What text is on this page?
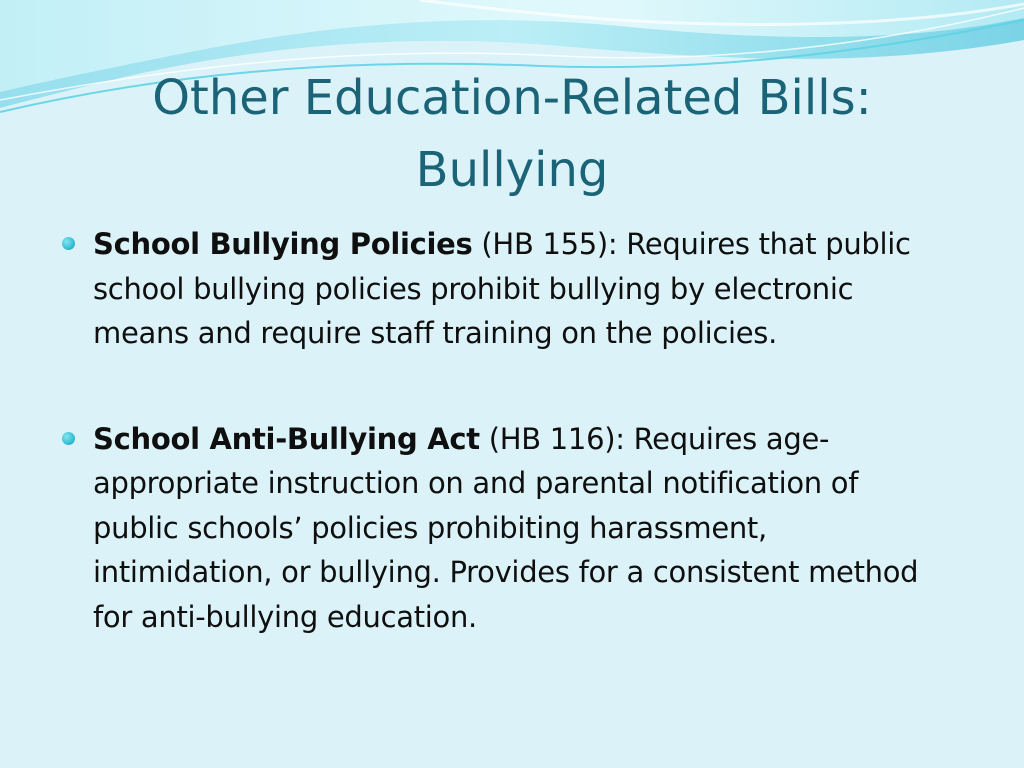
Other Education-Related Bills:
Bullying
School Bullying Policies (HB 155): Requires that public school bullying policies prohibit bullying by electronic means and require staff training on the policies.
School Anti-Bullying Act (HB 116): Requires age-appropriate instruction on and parental notification of public schools’ policies prohibiting harassment, intimidation, or bullying. Provides for a consistent method for anti-bullying education.
